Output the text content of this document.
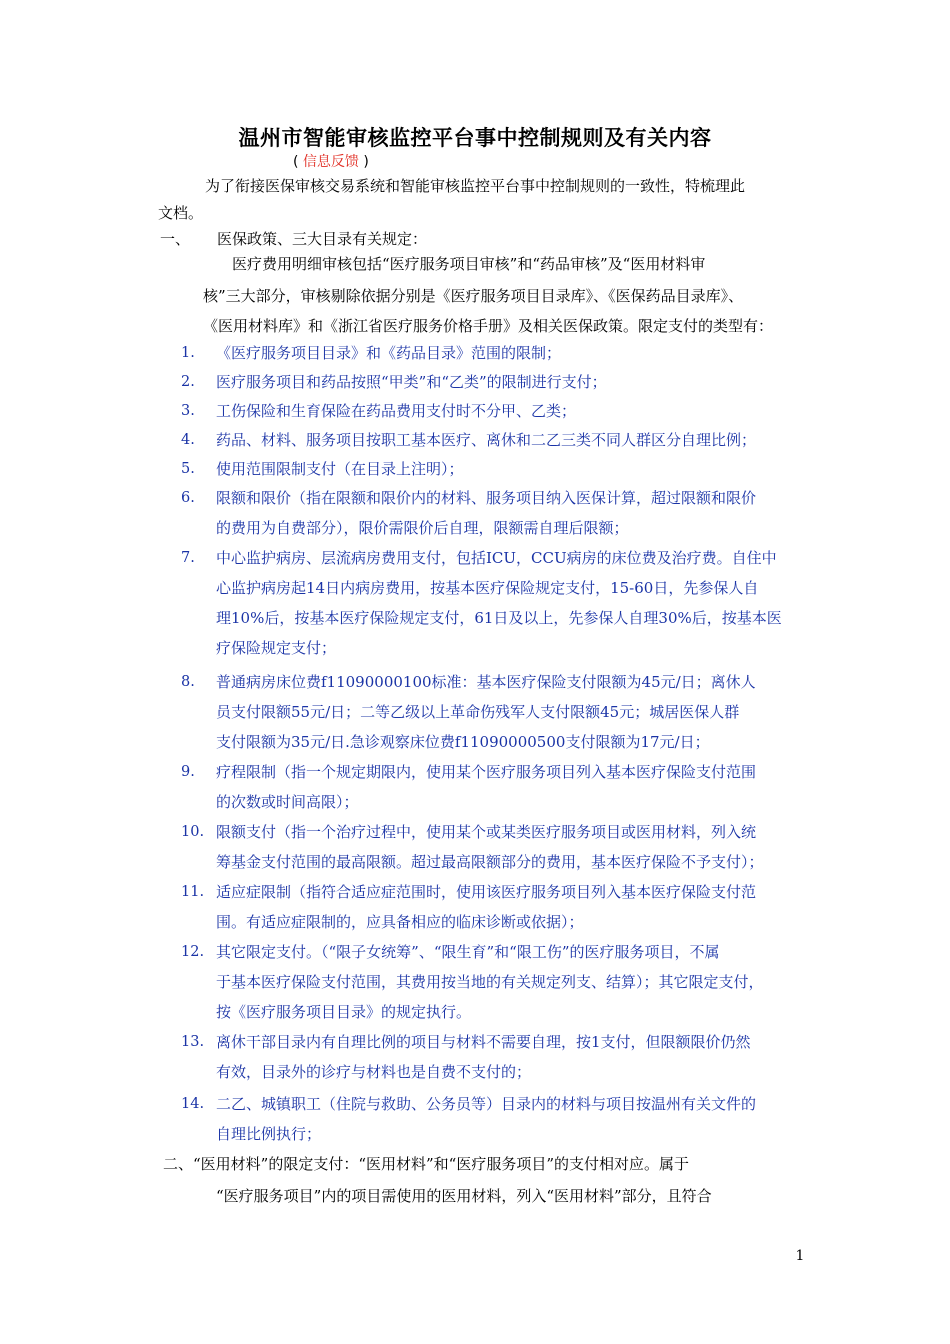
温州市智能审核监控平台事中控制规则及有关内容
( 信息反馈 )
为了衔接医保审核交易系统和智能审核监控平台事中控制规则的一致性，特梳理此
文档。
一、 医保政策、三大目录有关规定：
医疗费用明细审核包括“医疗服务项目审核”和“药品审核”及“医用材料审
核”三大部分，审核剔除依据分别是《医疗服务项目目录库》、《医保药品目录库》、
《医用材料库》和《浙江省医疗服务价格手册》及相关医保政策。限定支付的类型有：
1. 《医疗服务项目目录》和《药品目录》范围的限制；
2. 医疗服务项目和药品按照“甲类”和“乙类”的限制进行支付；
3. 工伤保险和生育保险在药品费用支付时不分甲、乙类；
4. 药品、材料、服务项目按职工基本医疗、离休和二乙三类不同人群区分自理比例；
5. 使用范围限制支付（在目录上注明）；
6. 限额和限价（指在限额和限价内的材料、服务项目纳入医保计算，超过限额和限价
的费用为自费部分），限价需限价后自理，限额需自理后限额；
7. 中心监护病房、层流病房费用支付，包括ICU，CCU病房的床位费及治疗费。自住中
心监护病房起14日内病房费用，按基本医疗保险规定支付，15-60日，先参保人自
理10%后，按基本医疗保险规定支付，61日及以上，先参保人自理30%后，按基本医
疗保险规定支付；
8. 普通病房床位费f11090000100标准：基本医疗保险支付限额为45元/日；离休人
员支付限额55元/日；二等乙级以上革命伤残军人支付限额45元；城居医保人群
支付限额为35元/日.急诊观察床位费f11090000500支付限额为17元/日；
9. 疗程限制（指一个规定期限内，使用某个医疗服务项目列入基本医疗保险支付范围
的次数或时间高限）；
10. 限额支付（指一个治疗过程中，使用某个或某类医疗服务项目或医用材料，列入统
筹基金支付范围的最高限额。超过最高限额部分的费用，基本医疗保险不予支付）；
11. 适应症限制（指符合适应症范围时，使用该医疗服务项目列入基本医疗保险支付范
围。有适应症限制的，应具备相应的临床诊断或依据）；
12. 其它限定支付。（“限子女统筹”、“限生育”和“限工伤”的医疗服务项目，不属
于基本医疗保险支付范围，其费用按当地的有关规定列支、结算）；其它限定支付，
按《医疗服务项目目录》的规定执行。
13. 离休干部目录内有自理比例的项目与材料不需要自理，按1支付，但限额限价仍然
有效，目录外的诊疗与材料也是自费不支付的；
14. 二乙、城镇职工（住院与救助、公务员等）目录内的材料与项目按温州有关文件的
自理比例执行；
二、“医用材料”的限定支付：“医用材料”和“医疗服务项目”的支付相对应。属于
“医疗服务项目”内的项目需使用的医用材料，列入“医用材料”部分，且符合
1
